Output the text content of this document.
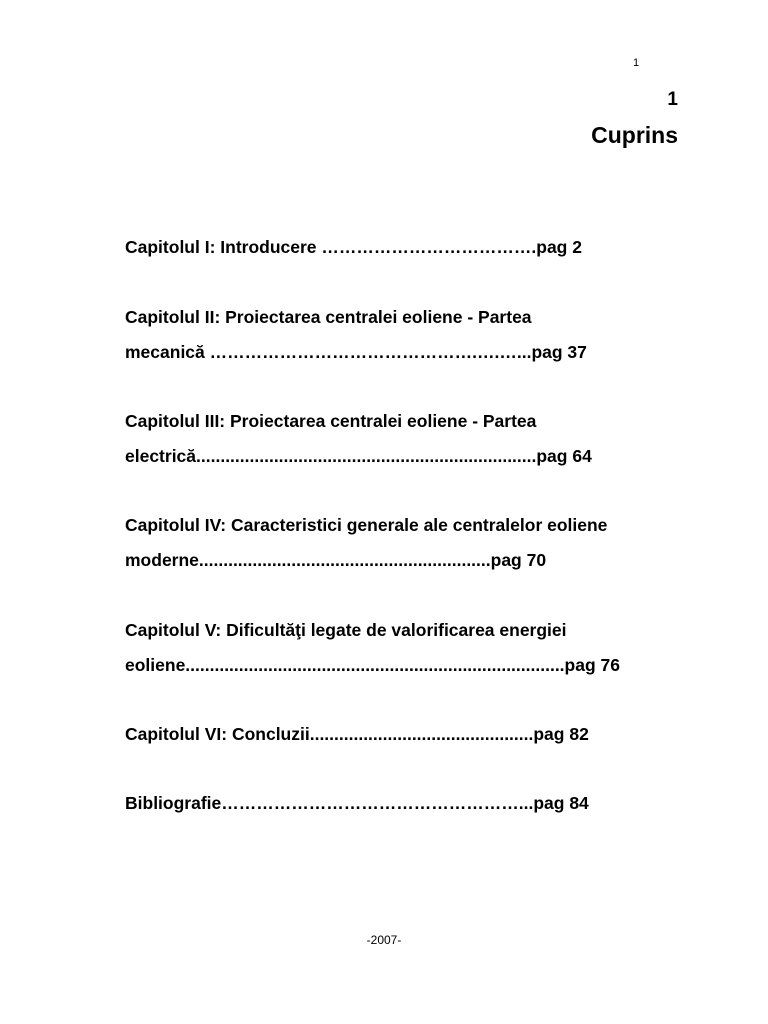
1
1
Cuprins
Capitolul I: Introducere ……………………………….pag 2
Capitolul II: Proiectarea centralei eoliene - Partea
mecanică ……………………………………….….…...pag 37
Capitolul III: Proiectarea centralei eoliene - Partea
electrică......................................................................pag 64
Capitolul IV: Caracteristici generale ale centralelor eoliene
moderne............................................................pag 70
Capitolul V: Dificultăţi legate de valorificarea energiei
eoliene..............................................................................pag 76
Capitolul VI: Concluzii..............................................pag 82
Bibliografie……………………………………………...pag 84
-2007-
